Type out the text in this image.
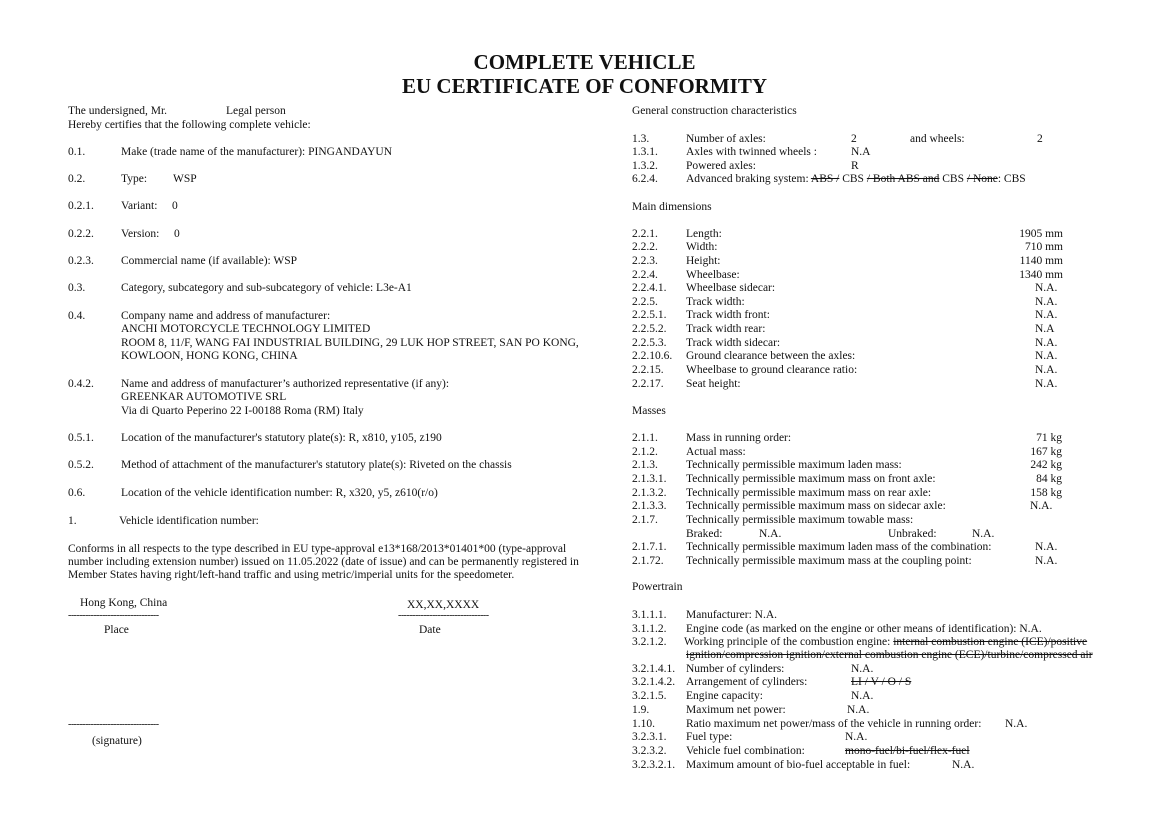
COMPLETE VEHICLE
EU CERTIFICATE OF CONFORMITY
The undersigned, Mr.	Legal person
Hereby certifies that the following complete vehicle:
0.1.	Make (trade name of the manufacturer): PINGANDAYUN
0.2.	Type: WSP
0.2.1. Variant: 0
0.2.2. Version: 0
0.2.3. Commercial name (if available): WSP
0.3.	Category, subcategory and sub-subcategory of vehicle: L3e-A1
0.4.	Company name and address of manufacturer:
ANCHI MOTORCYCLE TECHNOLOGY LIMITED
ROOM 8, 11/F, WANG FAI INDUSTRIAL BUILDING, 29 LUK HOP STREET, SAN PO KONG,
KOWLOON, HONG KONG, CHINA
0.4.2. Name and address of manufacturer’s authorized representative (if any):
GREENKAR AUTOMOTIVE SRL
Via di Quarto Peperino 22 I-00188 Roma (RM) Italy
0.5.1. Location of the manufacturer's statutory plate(s): R, x810, y105, z190
0.5.2. Method of attachment of the manufacturer's statutory plate(s): Riveted on the chassis
0.6.	Location of the vehicle identification number: R, x320, y5, z610(r/o)
1.	Vehicle identification number:
Conforms in all respects to the type described in EU type-approval e13*168/2013*01401*00 (type-approval
number including extension number) issued on 11.05.2022 (date of issue) and can be permanently registered in
Member States having right/left-hand traffic and using metric/imperial units for the speedometer.
Hong Kong, China
--------------------------------
Place
XX,XX,XXXX
--------------------------------
Date
--------------------------------
(signature)
General construction characteristics
1.3.	Number of axles:	2	and wheels:	2
1.3.1. Axles with twinned wheels :	N.A
1.3.2. Powered axles:	R
6.2.4. Advanced braking system: ABS / CBS / Both ABS and CBS / None: CBS
Main dimensions
2.2.1. Length:	1905 mm
2.2.2. Width:	710 mm
2.2.3. Height:	1140 mm
2.2.4. Wheelbase:	1340 mm
2.2.4.1. Wheelbase sidecar:	N.A.
2.2.5. Track width:	N.A.
2.2.5.1. Track width front:	N.A.
2.2.5.2. Track width rear:	N.A
2.2.5.3. Track width sidecar:	N.A.
2.2.10.6. Ground clearance between the axles:	N.A.
2.2.15. Wheelbase to ground clearance ratio:	N.A.
2.2.17. Seat height:	N.A.
Masses
2.1.1. Mass in running order:	71 kg
2.1.2. Actual mass:	167 kg
2.1.3. Technically permissible maximum laden mass:	242 kg
2.1.3.1. Technically permissible maximum mass on front axle:	84 kg
2.1.3.2. Technically permissible maximum mass on rear axle:	158 kg
2.1.3.3. Technically permissible maximum mass on sidecar axle:	N.A.
2.1.7. Technically permissible maximum towable mass:
Braked:	N.A.	Unbraked:	N.A.
2.1.7.1. Technically permissible maximum laden mass of the combination:	N.A.
2.1.72. Technically permissible maximum mass at the coupling point:	N.A.
Powertrain
3.1.1.1. Manufacturer: N.A.
3.1.1.2. Engine code (as marked on the engine or other means of identification): N.A.
3.2.1.2. Working principle of the combustion engine: internal combustion engine (ICE)/positive
ignition/compression ignition/external combustion engine (ECE)/turbine/compressed air
3.2.1.4.1. Number of cylinders:	N.A.
3.2.1.4.2. Arrangement of cylinders:	LI / V / O / S
3.2.1.5. Engine capacity:	N.A.
1.9.	Maximum net power:	N.A.
1.10.	Ratio maximum net power/mass of the vehicle in running order: N.A.
3.2.3.1. Fuel type:	N.A.
3.2.3.2. Vehicle fuel combination:	mono-fuel/bi-fuel/flex-fuel
3.2.3.2.1. Maximum amount of bio-fuel acceptable in fuel:	N.A.
